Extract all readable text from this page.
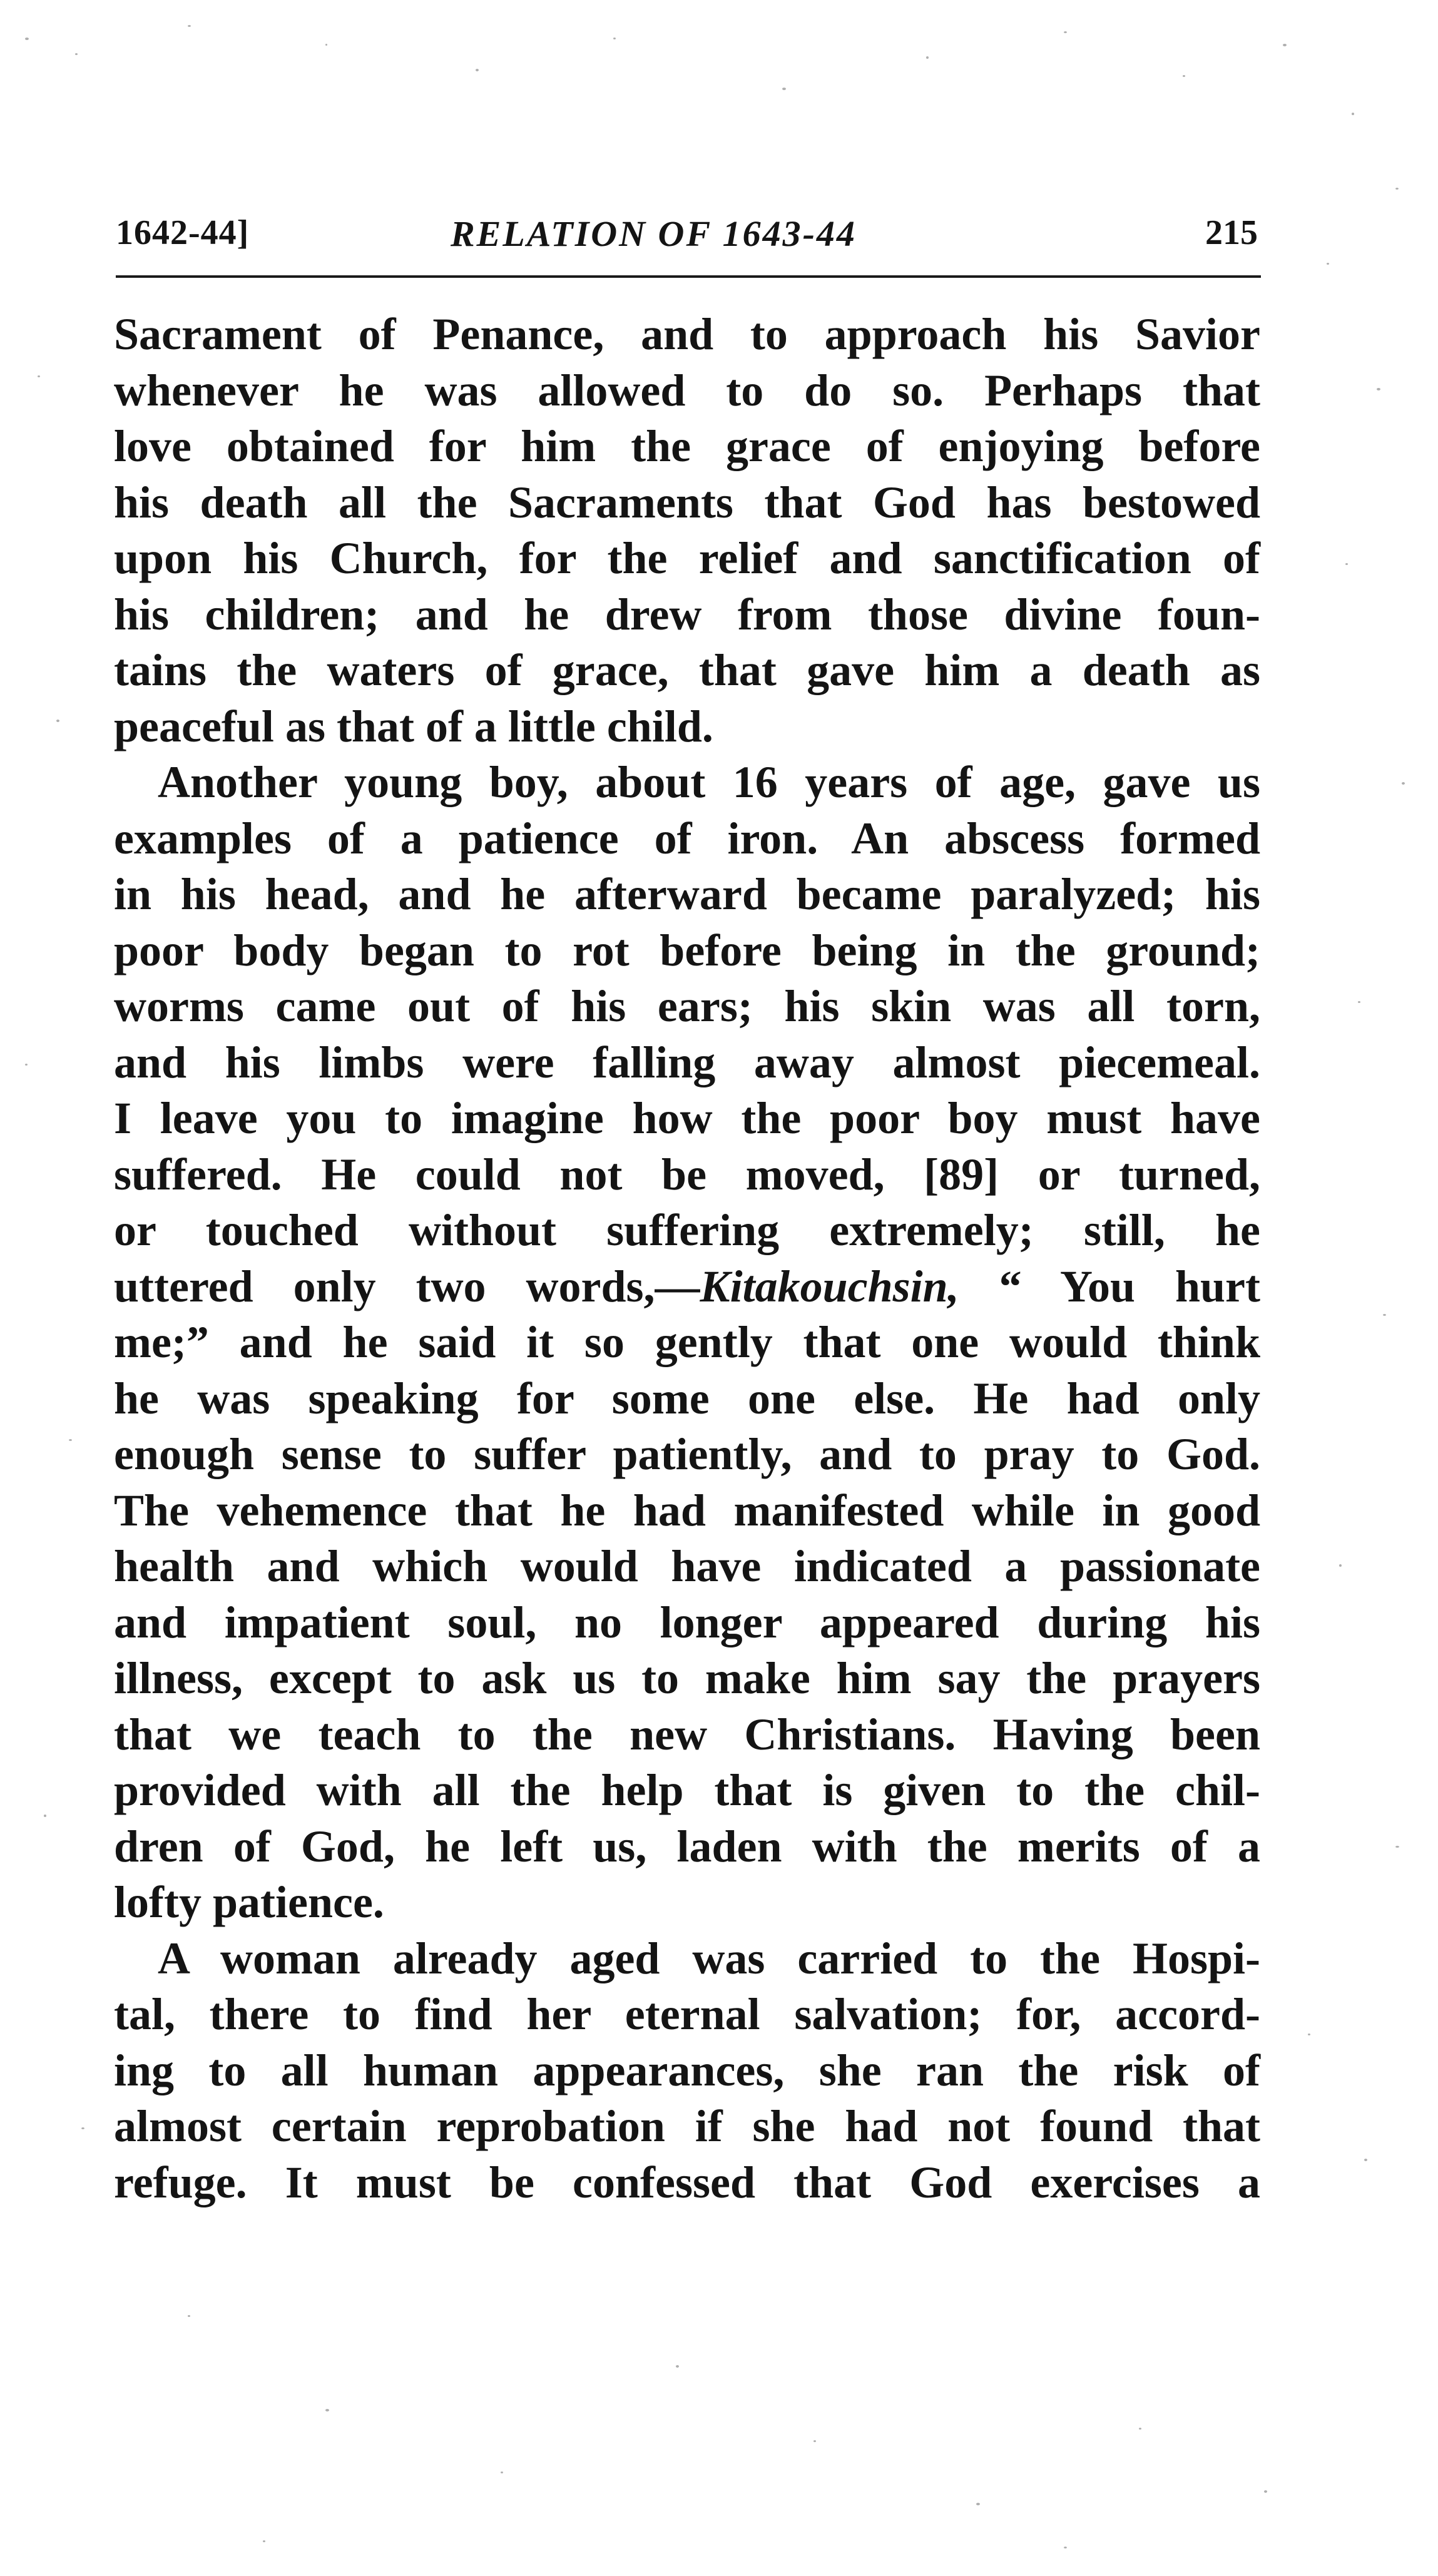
1642-44]	RELATION OF 1643-44	215
Sacrament of Penance, and to approach his Savior
whenever he was allowed to do so. Perhaps that
love obtained for him the grace of enjoying before
his death all the Sacraments that God has bestowed
upon his Church, for the relief and sanctification of
his children; and he drew from those divine foun-
tains the waters of grace, that gave him a death as
peaceful as that of a little child.
Another young boy, about 16 years of age, gave us
examples of a patience of iron. An abscess formed
in his head, and he afterward became paralyzed; his
poor body began to rot before being in the ground;
worms came out of his ears; his skin was all torn,
and his limbs were falling away almost piecemeal.
I leave you to imagine how the poor boy must have
suffered. He could not be moved, [89] or turned,
or touched without suffering extremely; still, he
uttered only two words,—Kitakouchsin, “ You hurt
me;” and he said it so gently that one would think
he was speaking for some one else. He had only
enough sense to suffer patiently, and to pray to God.
The vehemence that he had manifested while in good
health and which would have indicated a passionate
and impatient soul, no longer appeared during his
illness, except to ask us to make him say the prayers
that we teach to the new Christians. Having been
provided with all the help that is given to the chil-
dren of God, he left us, laden with the merits of a
lofty patience.
A woman already aged was carried to the Hospi-
tal, there to find her eternal salvation; for, accord-
ing to all human appearances, she ran the risk of
almost certain reprobation if she had not found that
refuge. It must be confessed that God exercises a
